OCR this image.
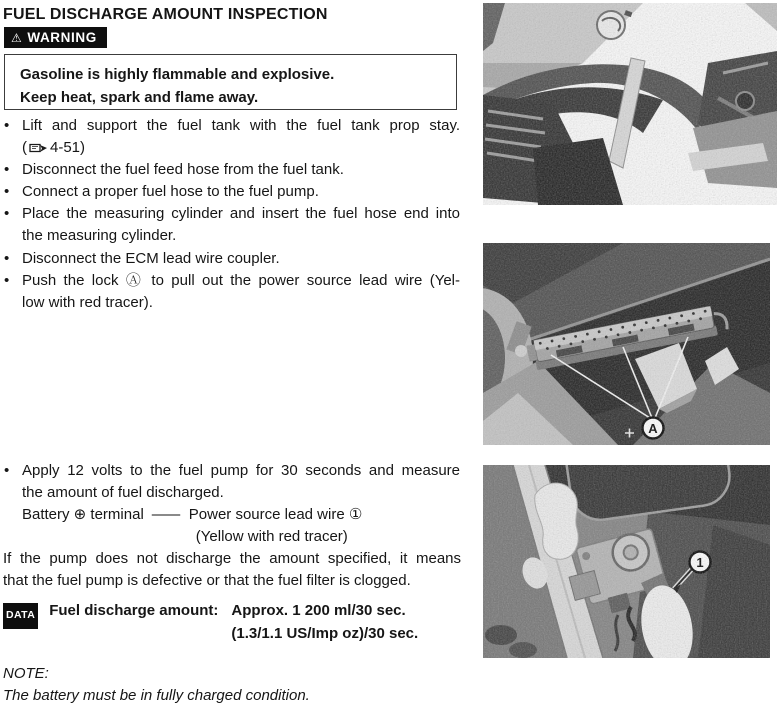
FUEL DISCHARGE AMOUNT INSPECTION
⚠ WARNING
Gasoline is highly flammable and explosive.
Keep heat, spark and flame away.
• Lift and support the fuel tank with the fuel tank prop stay.
( 4-51)
• Disconnect the fuel feed hose from the fuel tank.
• Connect a proper fuel hose to the fuel pump.
• Place the measuring cylinder and insert the fuel hose end into
the measuring cylinder.
• Disconnect the ECM lead wire coupler.
• Push the lock Ⓐ to pull out the power source lead wire (Yel-
low with red tracer).
• Apply 12 volts to the fuel pump for 30 seconds and measure
the amount of fuel discharged.
Battery ⊕ terminal —— Power source lead wire ①
(Yellow with red tracer)
If the pump does not discharge the amount specified, it means
that the fuel pump is defective or that the fuel filter is clogged.
DATA Fuel discharge amount: Approx. 1 200 ml/30 sec.
(1.3/1.1 US/Imp oz)/30 sec.
NOTE:
The battery must be in fully charged condition.
A
1
